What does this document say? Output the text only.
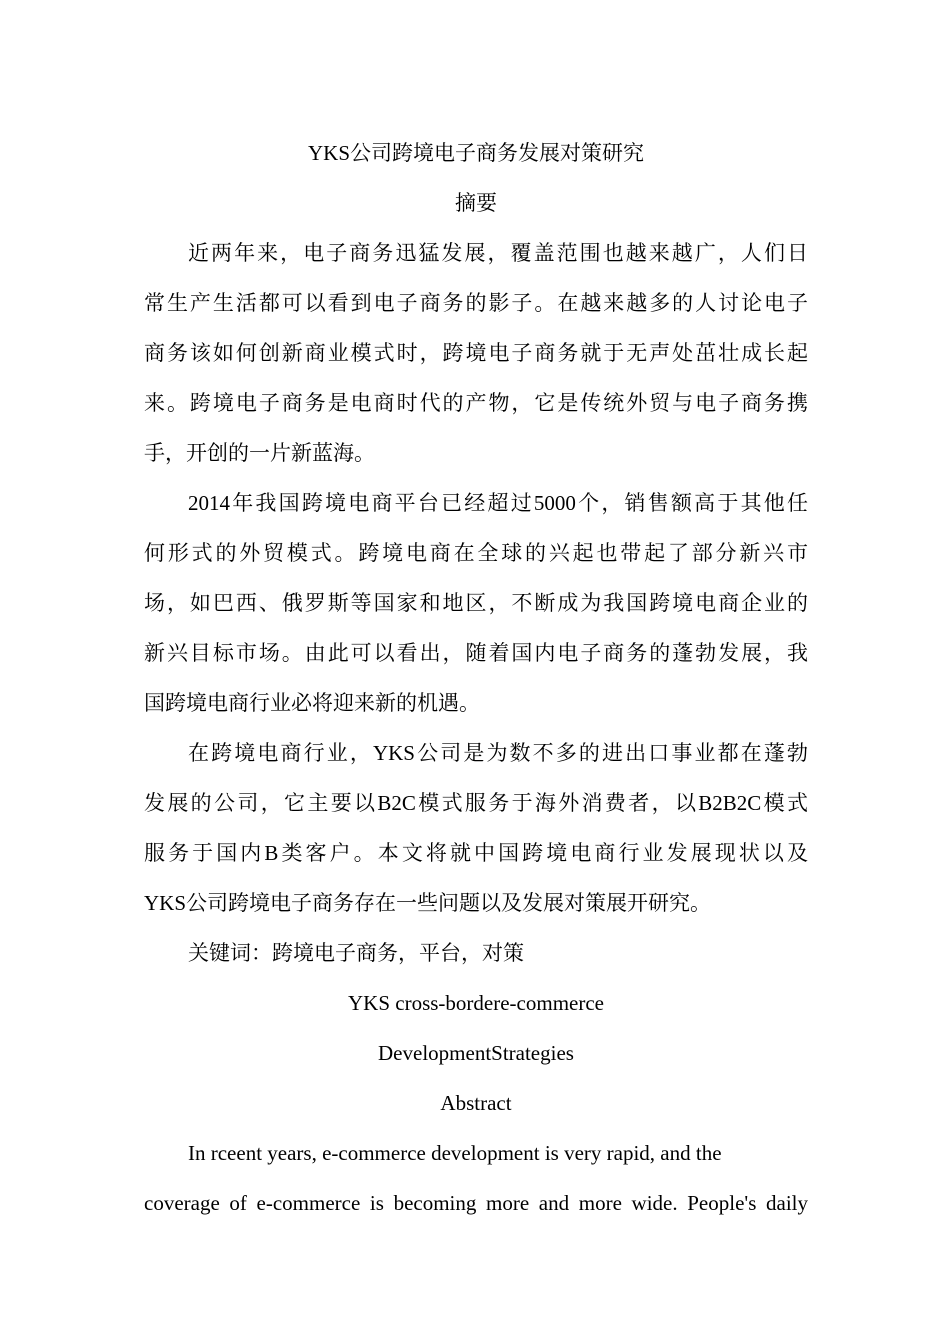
YKS公司跨境电子商务发展对策研究
摘要
近两年来，电子商务迅猛发展，覆盖范围也越来越广，人们日
常生产生活都可以看到电子商务的影子。在越来越多的人讨论电子
商务该如何创新商业模式时，跨境电子商务就于无声处茁壮成长起
来。跨境电子商务是电商时代的产物，它是传统外贸与电子商务携
手，开创的一片新蓝海。
2014年我国跨境电商平台已经超过5000个，销售额高于其他任
何形式的外贸模式。跨境电商在全球的兴起也带起了部分新兴市
场，如巴西、俄罗斯等国家和地区，不断成为我国跨境电商企业的
新兴目标市场。由此可以看出，随着国内电子商务的蓬勃发展，我
国跨境电商行业必将迎来新的机遇。
在跨境电商行业，YKS公司是为数不多的进出口事业都在蓬勃
发展的公司，它主要以B2C模式服务于海外消费者，以B2B2C模式
服务于国内B类客户。本文将就中国跨境电商行业发展现状以及
YKS公司跨境电子商务存在一些问题以及发展对策展开研究。
关键词：跨境电子商务，平台，对策
YKS cross-bordere-commerce
DevelopmentStrategies
Abstract
In rceent years, e-commerce development is very rapid, and the
coverage of e-commerce is becoming more and more wide. People's daily
